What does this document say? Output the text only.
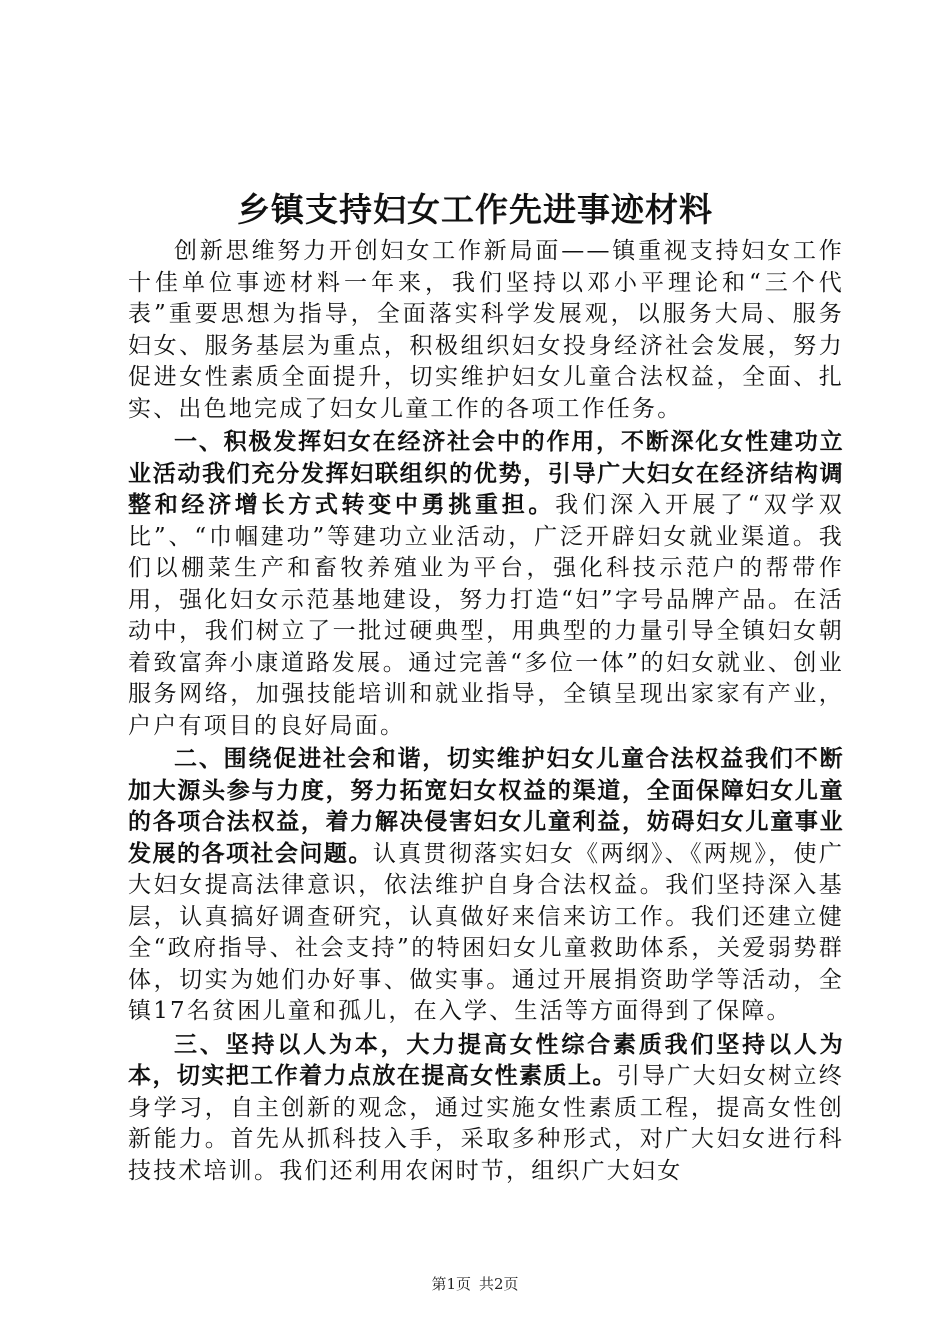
乡镇支持妇女工作先进事迹材料

创新思维努力开创妇女工作新局面——镇重视支持妇女工作十佳单位事迹材料一年来，我们坚持以邓小平理论和“三个代表”重要思想为指导，全面落实科学发展观，以服务大局、服务妇女、服务基层为重点，积极组织妇女投身经济社会发展，努力促进女性素质全面提升，切实维护妇女儿童合法权益，全面、扎实、出色地完成了妇女儿童工作的各项工作任务。

一、积极发挥妇女在经济社会中的作用，不断深化女性建功立业活动我们充分发挥妇联组织的优势，引导广大妇女在经济结构调整和经济增长方式转变中勇挑重担。我们深入开展了“双学双比”、“巾帼建功”等建功立业活动，广泛开辟妇女就业渠道。我们以棚菜生产和畜牧养殖业为平台，强化科技示范户的帮带作用，强化妇女示范基地建设，努力打造“妇”字号品牌产品。在活动中，我们树立了一批过硬典型，用典型的力量引导全镇妇女朝着致富奔小康道路发展。通过完善“多位一体”的妇女就业、创业服务网络，加强技能培训和就业指导，全镇呈现出家家有产业，户户有项目的良好局面。

二、围绕促进社会和谐，切实维护妇女儿童合法权益我们不断加大源头参与力度，努力拓宽妇女权益的渠道，全面保障妇女儿童的各项合法权益，着力解决侵害妇女儿童利益，妨碍妇女儿童事业发展的各项社会问题。认真贯彻落实妇女《两纲》、《两规》，使广大妇女提高法律意识，依法维护自身合法权益。我们坚持深入基层，认真搞好调查研究，认真做好来信来访工作。我们还建立健全“政府指导、社会支持”的特困妇女儿童救助体系，关爱弱势群体，切实为她们办好事、做实事。通过开展捐资助学等活动，全镇17名贫困儿童和孤儿，在入学、生活等方面得到了保障。

三、坚持以人为本，大力提高女性综合素质我们坚持以人为本，切实把工作着力点放在提高女性素质上。引导广大妇女树立终身学习，自主创新的观念，通过实施女性素质工程，提高女性创新能力。首先从抓科技入手，采取多种形式，对广大妇女进行科技技术培训。我们还利用农闲时节，组织广大妇女

第1页 共2页
